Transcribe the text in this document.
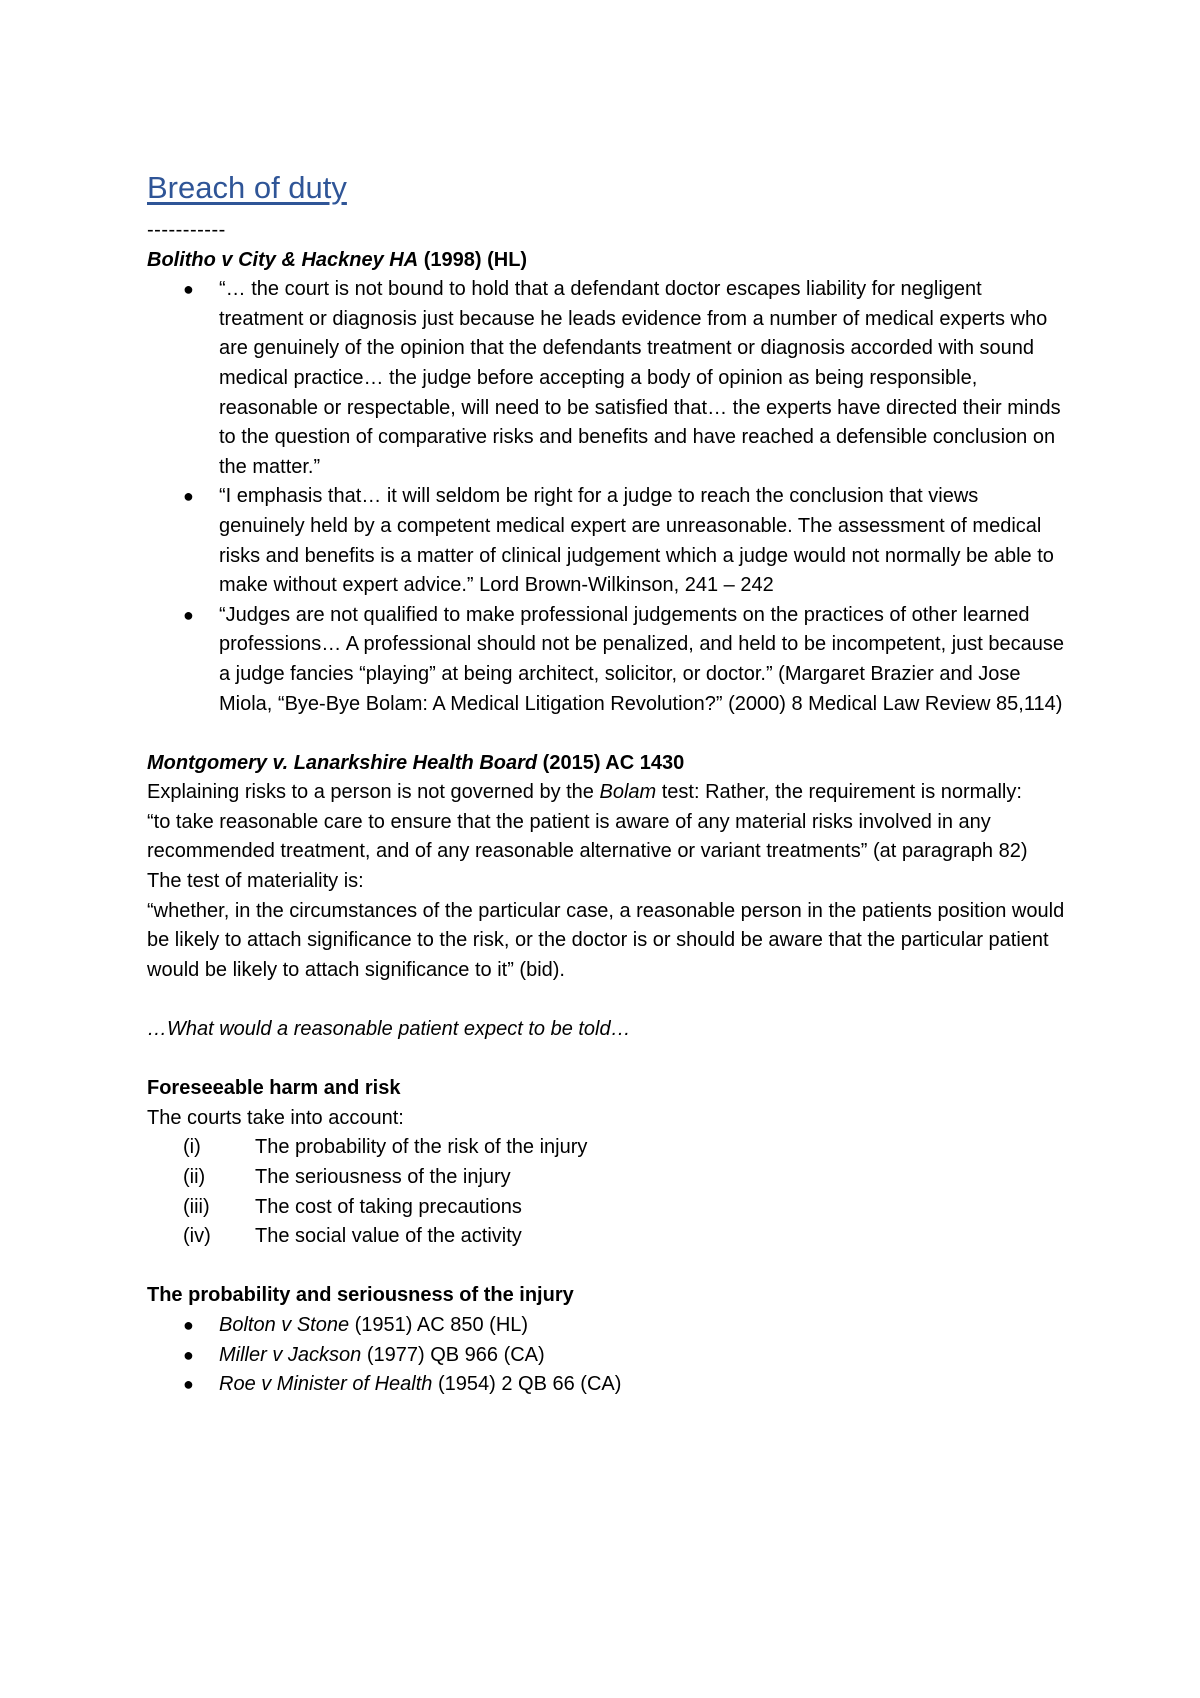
Breach of duty

-----------

Bolitho v City & Hackney HA (1998) (HL)

● “… the court is not bound to hold that a defendant doctor escapes liability for negligent treatment or diagnosis just because he leads evidence from a number of medical experts who are genuinely of the opinion that the defendants treatment or diagnosis accorded with sound medical practice… the judge before accepting a body of opinion as being responsible, reasonable or respectable, will need to be satisfied that… the experts have directed their minds to the question of comparative risks and benefits and have reached a defensible conclusion on the matter.”
● “I emphasis that… it will seldom be right for a judge to reach the conclusion that views genuinely held by a competent medical expert are unreasonable. The assessment of medical risks and benefits is a matter of clinical judgement which a judge would not normally be able to make without expert advice.” Lord Brown-Wilkinson, 241 – 242
● “Judges are not qualified to make professional judgements on the practices of other learned professions… A professional should not be penalized, and held to be incompetent, just because a judge fancies “playing” at being architect, solicitor, or doctor.” (Margaret Brazier and Jose Miola, “Bye-Bye Bolam: A Medical Litigation Revolution?” (2000) 8 Medical Law Review 85,114)

Montgomery v. Lanarkshire Health Board (2015) AC 1430

Explaining risks to a person is not governed by the Bolam test: Rather, the requirement is normally:

“to take reasonable care to ensure that the patient is aware of any material risks involved in any recommended treatment, and of any reasonable alternative or variant treatments” (at paragraph 82)

The test of materiality is:

“whether, in the circumstances of the particular case, a reasonable person in the patients position would be likely to attach significance to the risk, or the doctor is or should be aware that the particular patient would be likely to attach significance to it” (bid).

…What would a reasonable patient expect to be told…

Foreseeable harm and risk

The courts take into account:

(i)	The probability of the risk of the injury
(ii) The seriousness of the injury
(iii) The cost of taking precautions
(iv) The social value of the activity

The probability and seriousness of the injury

● Bolton v Stone (1951) AC 850 (HL)
● Miller v Jackson (1977) QB 966 (CA)
● Roe v Minister of Health (1954) 2 QB 66 (CA)
